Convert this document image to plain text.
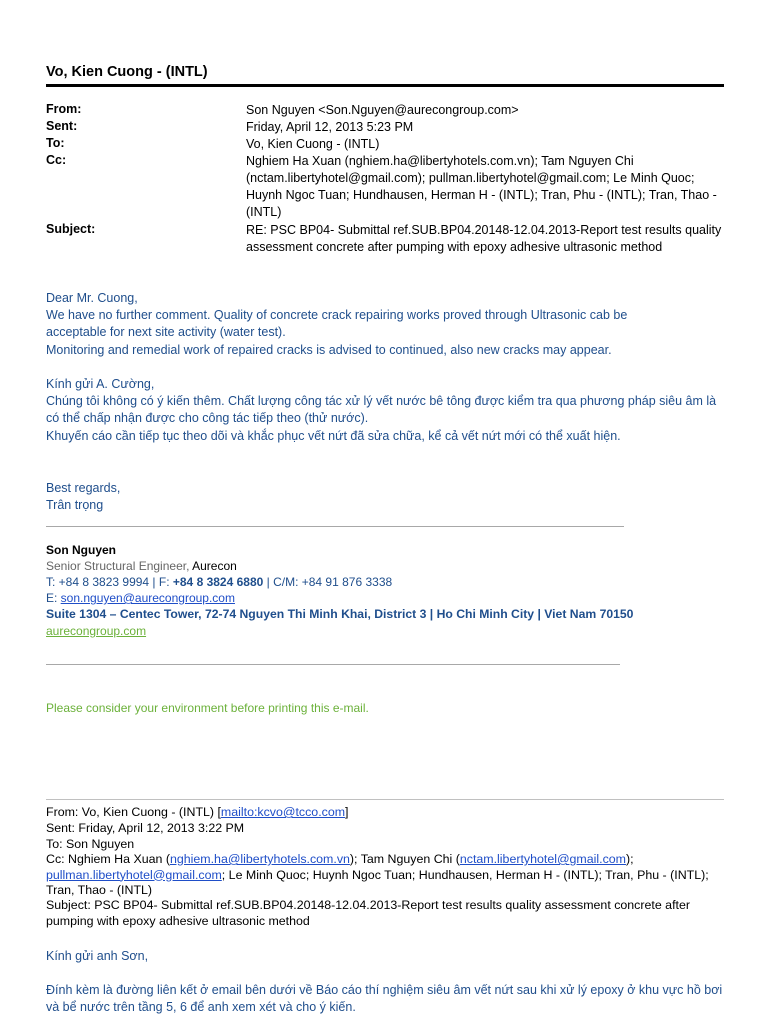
Vo, Kien Cuong - (INTL)
From:	Son Nguyen <Son.Nguyen@aurecongroup.com>
Sent:	Friday, April 12, 2013 5:23 PM
To:	Vo, Kien Cuong - (INTL)
Cc:	Nghiem Ha Xuan (nghiem.ha@libertyhotels.com.vn); Tam Nguyen Chi (nctam.libertyhotel@gmail.com); pullman.libertyhotel@gmail.com; Le Minh Quoc; Huynh Ngoc Tuan; Hundhausen, Herman H - (INTL); Tran, Phu - (INTL); Tran, Thao - (INTL)
Subject:	RE: PSC BP04- Submittal ref.SUB.BP04.20148-12.04.2013-Report test results quality assessment concrete after pumping with epoxy adhesive ultrasonic method
Dear Mr. Cuong,
We have no further comment. Quality of concrete crack repairing works proved through Ultrasonic cab be acceptable for next site activity (water test).
Monitoring and remedial work of repaired cracks is advised to continued, also new cracks may appear.
Kính gửi A. Cường,
Chúng tôi không có ý kiến thêm. Chất lượng công tác xử lý vết nước bê tông được kiểm tra qua phương pháp siêu âm là có thể chấp nhận được cho công tác tiếp theo (thử nước).
Khuyến cáo cần tiếp tục theo dõi và khắc phục vết nứt đã sửa chữa, kể cả vết nứt mới có thể xuất hiện.
Best regards,
Trân trọng
Son Nguyen
Senior Structural Engineer, Aurecon
T: +84 8 3823 9994 | F: +84 8 3824 6880 | C/M: +84 91 876 3338
E: son.nguyen@aurecongroup.com
Suite 1304 – Centec Tower, 72-74 Nguyen Thi Minh Khai, District 3 | Ho Chi Minh City | Viet Nam 70150
aurecongroup.com
Please consider your environment before printing this e-mail.
From: Vo, Kien Cuong - (INTL) [mailto:kcvo@tcco.com]
Sent: Friday, April 12, 2013 3:22 PM
To: Son Nguyen
Cc: Nghiem Ha Xuan (nghiem.ha@libertyhotels.com.vn); Tam Nguyen Chi (nctam.libertyhotel@gmail.com);
pullman.libertyhotel@gmail.com; Le Minh Quoc; Huynh Ngoc Tuan; Hundhausen, Herman H - (INTL); Tran, Phu - (INTL); Tran, Thao - (INTL)
Subject: PSC BP04- Submittal ref.SUB.BP04.20148-12.04.2013-Report test results quality assessment concrete after pumping with epoxy adhesive ultrasonic method
Kính gửi anh Sơn,
Đính kèm là đường liên kết ở email bên dưới về Báo cáo thí nghiệm siêu âm vết nứt sau khi xử lý epoxy ở khu vực hồ bơi và bể nước trên tầng 5, 6 để anh xem xét và cho ý kiến.
